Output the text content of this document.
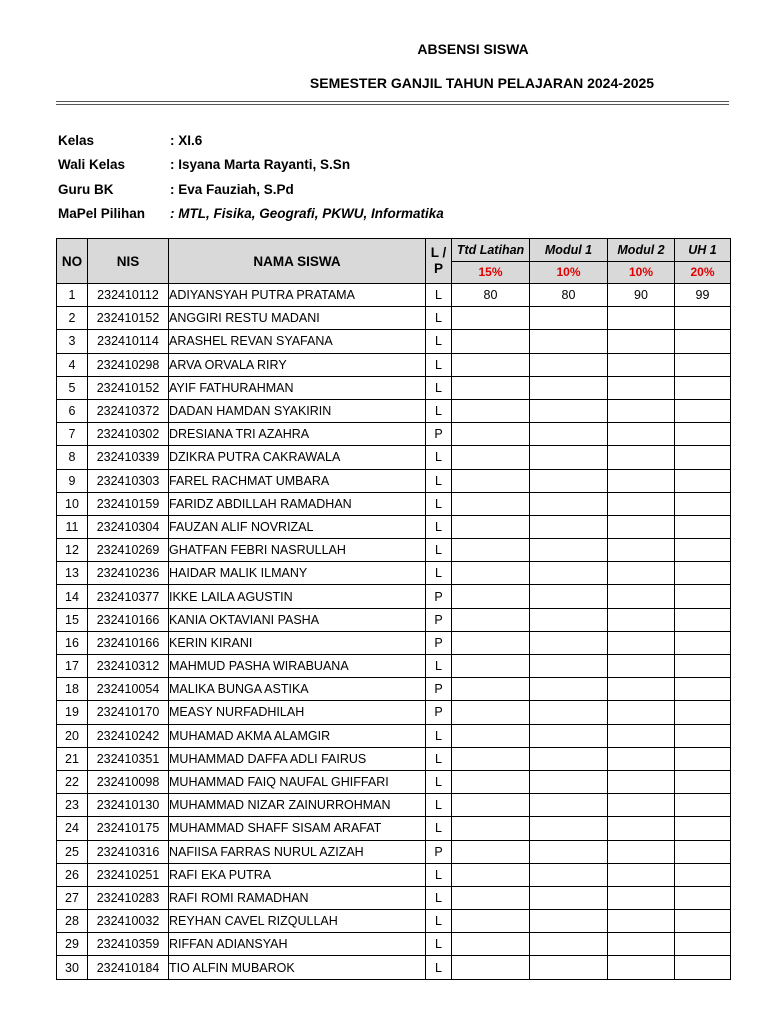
ABSENSI SISWA
SEMESTER GANJIL TAHUN PELAJARAN 2024-2025
Kelas	: XI.6
Wali Kelas	: Isyana Marta Rayanti, S.Sn
Guru BK	: Eva Fauziah, S.Pd
MaPel Pilihan	: MTL, Fisika, Geografi, PKWU, Informatika
NO	NIS	NAMA SISWA	L / P	Ttd Latihan	Modul 1	Modul 2	UH 1
				15%	10%	10%	20%
1	232410112	ADIYANSYAH PUTRA PRATAMA	L	80	80	90	99
2	232410152	ANGGIRI RESTU MADANI	L				
3	232410114	ARASHEL REVAN SYAFANA	L				
4	232410298	ARVA ORVALA RIRY	L				
5	232410152	AYIF FATHURAHMAN	L				
6	232410372	DADAN HAMDAN SYAKIRIN	L				
7	232410302	DRESIANA TRI AZAHRA	P				
8	232410339	DZIKRA PUTRA CAKRAWALA	L				
9	232410303	FAREL RACHMAT UMBARA	L				
10	232410159	FARIDZ ABDILLAH RAMADHAN	L				
11	232410304	FAUZAN ALIF NOVRIZAL	L				
12	232410269	GHATFAN FEBRI NASRULLAH	L				
13	232410236	HAIDAR MALIK ILMANY	L				
14	232410377	IKKE LAILA AGUSTIN	P				
15	232410166	KANIA OKTAVIANI PASHA	P				
16	232410166	KERIN KIRANI	P				
17	232410312	MAHMUD PASHA WIRABUANA	L				
18	232410054	MALIKA BUNGA ASTIKA	P				
19	232410170	MEASY NURFADHILAH	P				
20	232410242	MUHAMAD AKMA ALAMGIR	L				
21	232410351	MUHAMMAD DAFFA ADLI FAIRUS	L				
22	232410098	MUHAMMAD FAIQ NAUFAL GHIFFARI	L				
23	232410130	MUHAMMAD NIZAR ZAINURROHMAN	L				
24	232410175	MUHAMMAD SHAFF SISAM ARAFAT	L				
25	232410316	NAFIISA FARRAS NURUL AZIZAH	P				
26	232410251	RAFI EKA PUTRA	L				
27	232410283	RAFI ROMI RAMADHAN	L				
28	232410032	REYHAN CAVEL RIZQULLAH	L				
29	232410359	RIFFAN ADIANSYAH	L				
30	232410184	TIO ALFIN MUBAROK	L				
